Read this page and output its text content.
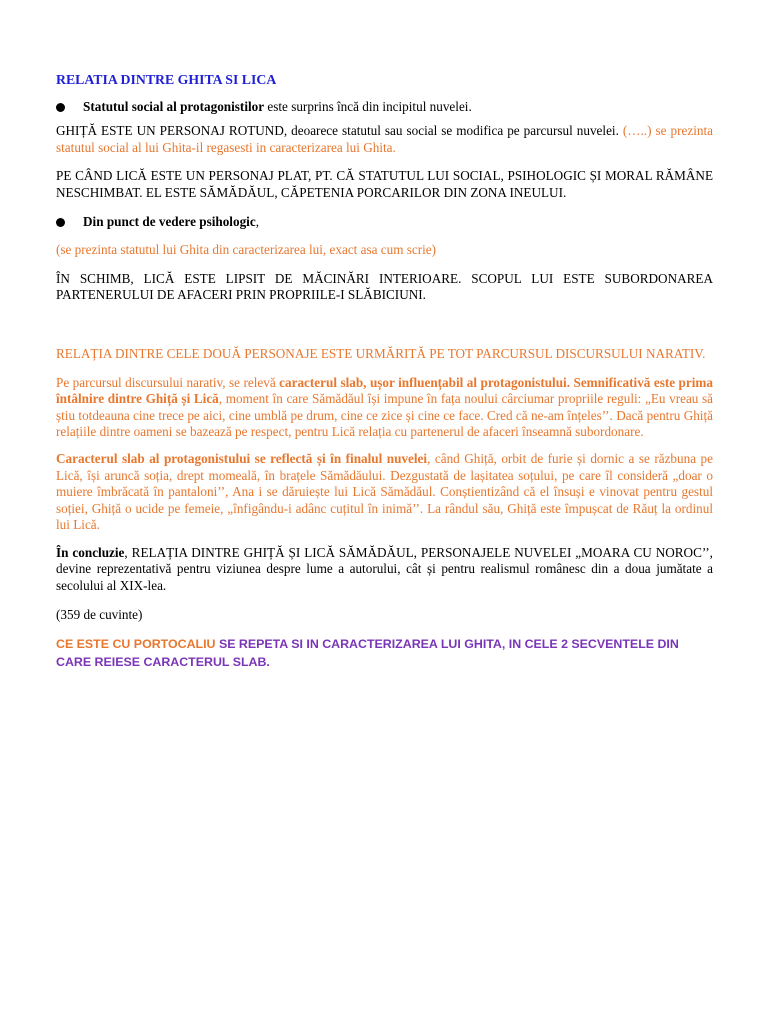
RELATIA DINTRE GHITA SI LICA

Statutul social al protagonistilor este surprins încă din incipitul nuvelei.

GHIȚĂ ESTE UN PERSONAJ ROTUND, deoarece statutul sau social se modifica pe parcursul nuvelei. (…..) se prezinta statutul social al lui Ghita-il regasesti in caracterizarea lui Ghita.

PE CÂND LICĂ ESTE UN PERSONAJ PLAT, PT. CĂ STATUTUL LUI SOCIAL, PSIHOLOGIC ȘI MORAL RĂMÂNE NESCHIMBAT. EL ESTE SĂMĂDĂUL, CĂPETENIA PORCARILOR DIN ZONA INEULUI.

Din punct de vedere psihologic,

(se prezinta statutul lui Ghita din caracterizarea lui, exact asa cum scrie)

ÎN SCHIMB, LICĂ ESTE LIPSIT DE MĂCINĂRI INTERIOARE. SCOPUL LUI ESTE SUBORDONAREA PARTENERULUI DE AFACERI PRIN PROPRIILE-I SLĂBICIUNI.

RELAȚIA DINTRE CELE DOUĂ PERSONAJE ESTE URMĂRITĂ PE TOT PARCURSUL DISCURSULUI NARATIV.

Pe parcursul discursului narativ, se relevă caracterul slab, ușor influențabil al protagonistului. Semnificativă este prima întâlnire dintre Ghiță și Lică, moment în care Sămădăul își impune în fața noului cârciumar propriile reguli: „Eu vreau să știu totdeauna cine trece pe aici, cine umblă pe drum, cine ce zice și cine ce face. Cred că ne-am înțeles’’. Dacă pentru Ghiță relațiile dintre oameni se bazează pe respect, pentru Lică relația cu partenerul de afaceri înseamnă subordonare.

Caracterul slab al protagonistului se reflectă și în finalul nuvelei, când Ghiță, orbit de furie și dornic a se răzbuna pe Lică, își aruncă soția, drept momeală, în brațele Sămădăului. Dezgustată de lașitatea soțului, pe care îl consideră „doar o muiere îmbrăcată în pantaloni’’, Ana i se dăruiește lui Lică Sămădăul. Conștientizând că el însuși e vinovat pentru gestul soției, Ghiță o ucide pe femeie, „înfigându-i adânc cuțitul în inimă’’. La rândul său, Ghiță este împușcat de Răuț la ordinul lui Lică.

În concluzie, RELAȚIA DINTRE GHIȚĂ ȘI LICĂ SĂMĂDĂUL, PERSONAJELE NUVELEI „MOARA CU NOROC’’, devine reprezentativă pentru viziunea despre lume a autorului, cât și pentru realismul românesc din a doua jumătate a secolului al XIX-lea.

(359 de cuvinte)

CE ESTE CU PORTOCALIU SE REPETA SI IN CARACTERIZAREA LUI GHITA, IN CELE 2 SECVENTELE DIN CARE REIESE CARACTERUL SLAB.
